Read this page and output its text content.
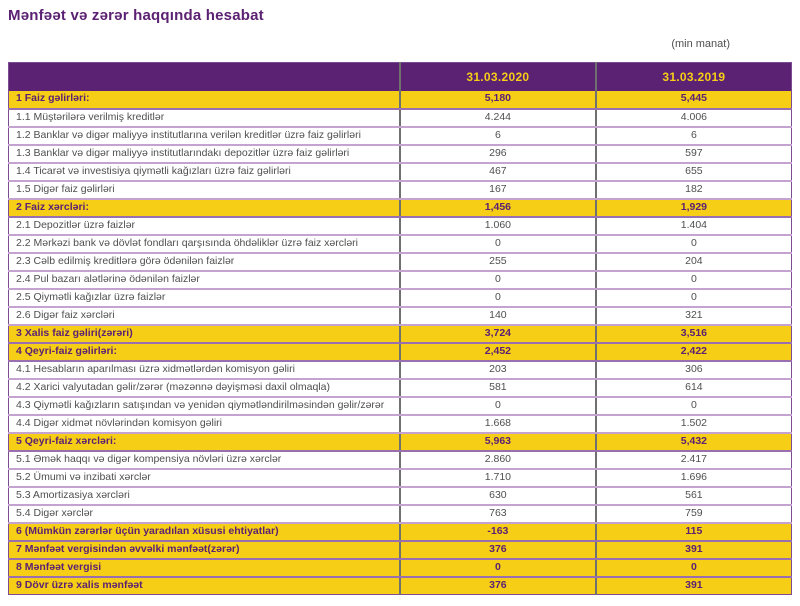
Mənfəət və zərər haqqında hesabat
(min manat)
	31.03.2020	31.03.2019
1 Faiz gəlirləri:	5,180	5,445
1.1 Müştərilərə verilmiş kreditlər	4.244	4.006
1.2 Banklar və digər maliyyə institutlarına verilən kreditlər üzrə faiz gəlirləri	6	6
1.3 Banklar və digər maliyyə institutlarındakı depozitlər üzrə faiz gəlirləri	296	597
1.4 Ticarət və investisiya qiymətli kağızları üzrə faiz gəlirləri	467	655
1.5 Digər faiz gəlirləri	167	182
2 Faiz xərcləri:	1,456	1,929
2.1 Depozitlər üzrə faizlər	1.060	1.404
2.2 Mərkəzi bank və dövlət fondları qarşısında öhdəliklər üzrə faiz xərcləri	0	0
2.3 Cəlb edilmiş kreditlərə görə ödənilən faizlər	255	204
2.4 Pul bazarı alətlərinə ödənilən faizlər	0	0
2.5 Qiymətli kağızlar üzrə faizlər	0	0
2.6 Digər faiz xərcləri	140	321
3 Xalis faiz gəliri(zərəri)	3,724	3,516
4 Qeyri-faiz gəlirləri:	2,452	2,422
4.1 Hesabların aparılması üzrə xidmətlərdən komisyon gəliri	203	306
4.2 Xarici valyutadan gəlir/zərər (məzənnə dəyişməsi daxil olmaqla)	581	614
4.3 Qiymətli kağızların satışından və yenidən qiymətləndirilməsindən gəlir/zərər	0	0
4.4 Digər xidmət növlərindən komisyon gəliri	1.668	1.502
5 Qeyri-faiz xərcləri:	5,963	5,432
5.1 Əmək haqqı və digər kompensiya növləri üzrə xərclər	2.860	2.417
5.2 Ümumi və inzibati xərclər	1.710	1.696
5.3 Amortizasiya xərcləri	630	561
5.4 Digər xərclər	763	759
6 (Mümkün zərərlər üçün yaradılan xüsusi ehtiyatlar)	-163	115
7 Mənfəət vergisindən əvvəlki mənfəət(zərər)	376	391
8 Mənfəət vergisi	0	0
9 Dövr üzrə xalis mənfəət	376	391
